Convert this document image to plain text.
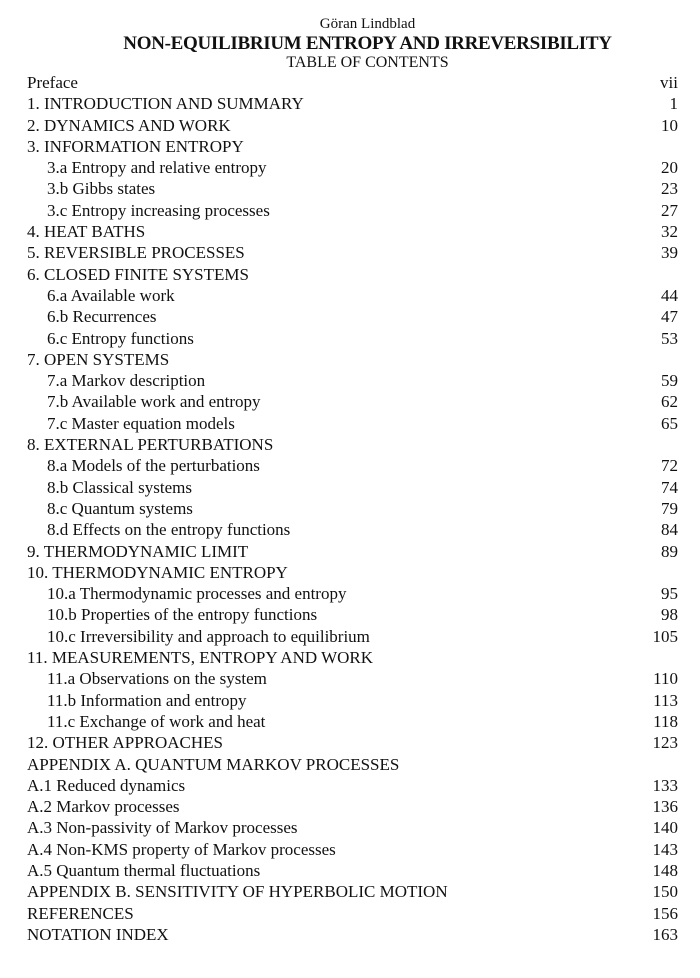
Göran Lindblad
NON-EQUILIBRIUM ENTROPY AND IRREVERSIBILITY
TABLE OF CONTENTS
Preface	vii
1. INTRODUCTION AND SUMMARY	1
2. DYNAMICS AND WORK	10
3. INFORMATION ENTROPY
3.a Entropy and relative entropy	20
3.b Gibbs states	23
3.c Entropy increasing processes	27
4. HEAT BATHS	32
5. REVERSIBLE PROCESSES	39
6. CLOSED FINITE SYSTEMS
6.a Available work	44
6.b Recurrences	47
6.c Entropy functions	53
7. OPEN SYSTEMS
7.a Markov description	59
7.b Available work and entropy	62
7.c Master equation models	65
8. EXTERNAL PERTURBATIONS
8.a Models of the perturbations	72
8.b Classical systems	74
8.c Quantum systems	79
8.d Effects on the entropy functions	84
9. THERMODYNAMIC LIMIT	89
10. THERMODYNAMIC ENTROPY
10.a Thermodynamic processes and entropy	95
10.b Properties of the entropy functions	98
10.c Irreversibility and approach to equilibrium	105
11. MEASUREMENTS, ENTROPY AND WORK
11.a Observations on the system	110
11.b Information and entropy	113
11.c Exchange of work and heat	118
12. OTHER APPROACHES	123
APPENDIX A. QUANTUM MARKOV PROCESSES
A.1 Reduced dynamics	133
A.2 Markov processes	136
A.3 Non-passivity of Markov processes	140
A.4 Non-KMS property of Markov processes	143
A.5 Quantum thermal fluctuations	148
APPENDIX B. SENSITIVITY OF HYPERBOLIC MOTION	150
REFERENCES	156
NOTATION INDEX	163
